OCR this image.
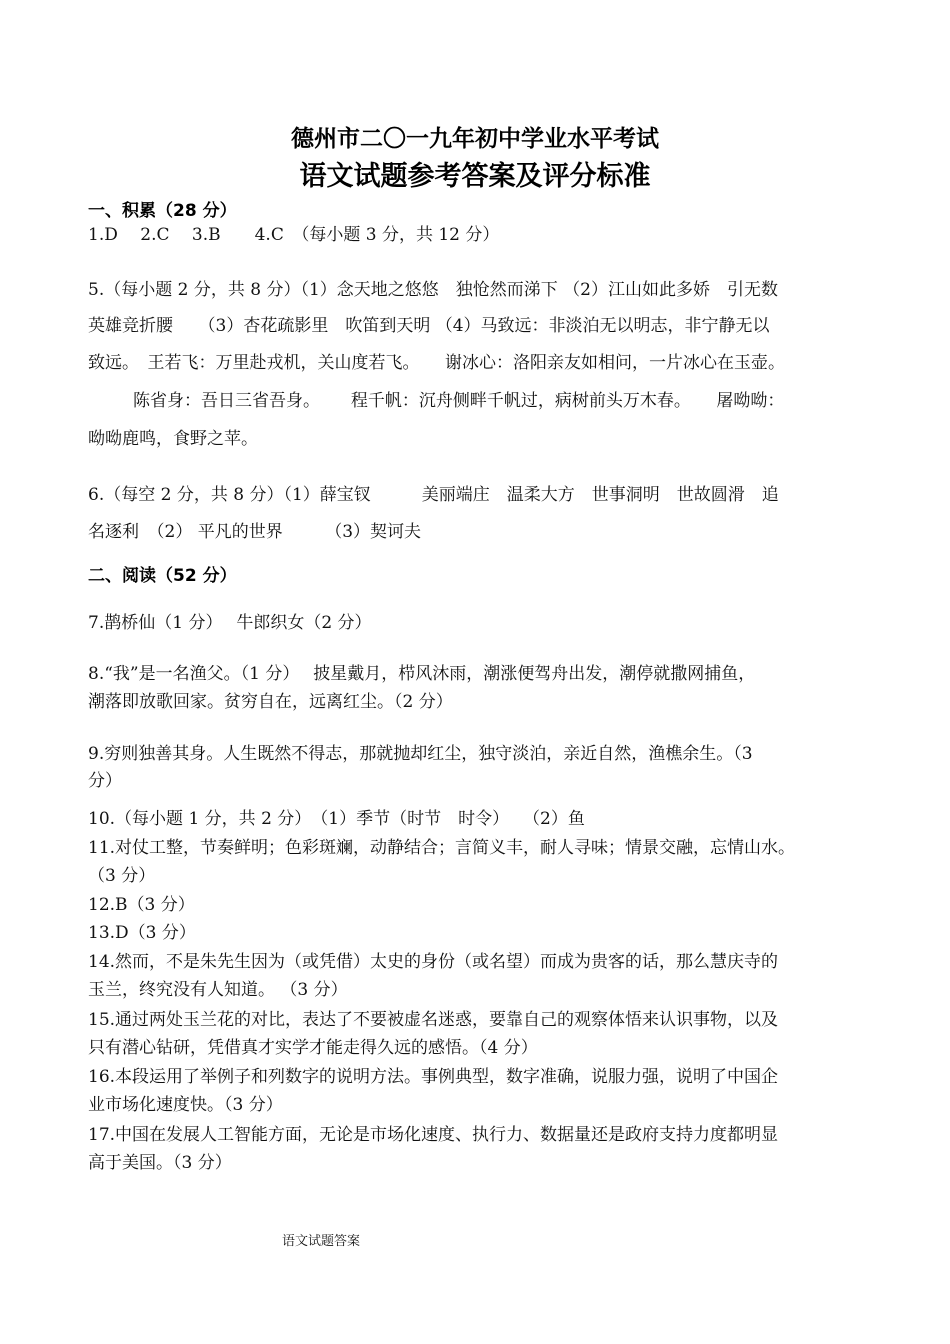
德州市二〇一九年初中学业水平考试
语文试题参考答案及评分标准
一、积累（28 分）
1.D　 2.C　 3.B　　4.C　（每小题 3 分，共 12 分）
5.（每小题 2 分，共 8 分）（1）念天地之悠悠　独怆然而涕下 （2）江山如此多娇　引无数
英雄竞折腰　　（3）杏花疏影里　吹笛到天明 （4）马致远：非淡泊无以明志，非宁静无以
致远。　王若飞：万里赴戎机，关山度若飞。　　谢冰心：洛阳亲友如相问，一片冰心在玉壶。
陈省身：吾日三省吾身。　　 程千帆：沉舟侧畔千帆过，病树前头万木春。　　屠呦呦：
呦呦鹿鸣，食野之苹。
6.（每空 2 分，共 8 分）（1）薛宝钗　　　美丽端庄　温柔大方　世事洞明　世故圆滑　追
名逐利　（2） 平凡的世界　　　（3）契诃夫
二、阅读（52 分）
7.鹊桥仙（1 分）　 牛郎织女（2 分）
8.“我”是一名渔父。（1 分）　 披星戴月，栉风沐雨，潮涨便驾舟出发，潮停就撒网捕鱼，
潮落即放歌回家。贫穷自在，远离红尘。（2 分）
9.穷则独善其身。人生既然不得志，那就抛却红尘，独守淡泊，亲近自然，渔樵余生。（3
分）
10.（每小题 1 分，共 2 分）　（1）季节（时节　时令）　 （2）鱼
11.对仗工整，节奏鲜明；色彩斑斓，动静结合；言简义丰，耐人寻味；情景交融，忘情山水。
（3 分）
12.B（3 分）
13.D（3 分）
14.然而，不是朱先生因为（或凭借）太史的身份（或名望）而成为贵客的话，那么慧庆寺的
玉兰，终究没有人知道。 （3 分）
15.通过两处玉兰花的对比，表达了不要被虚名迷惑，要靠自己的观察体悟来认识事物，以及
只有潜心钻研，凭借真才实学才能走得久远的感悟。（4 分）
16.本段运用了举例子和列数字的说明方法。事例典型，数字准确，说服力强，说明了中国企
业市场化速度快。（3 分）
17.中国在发展人工智能方面，无论是市场化速度、执行力、数据量还是政府支持力度都明显
高于美国。（3 分）
语文试题答案
